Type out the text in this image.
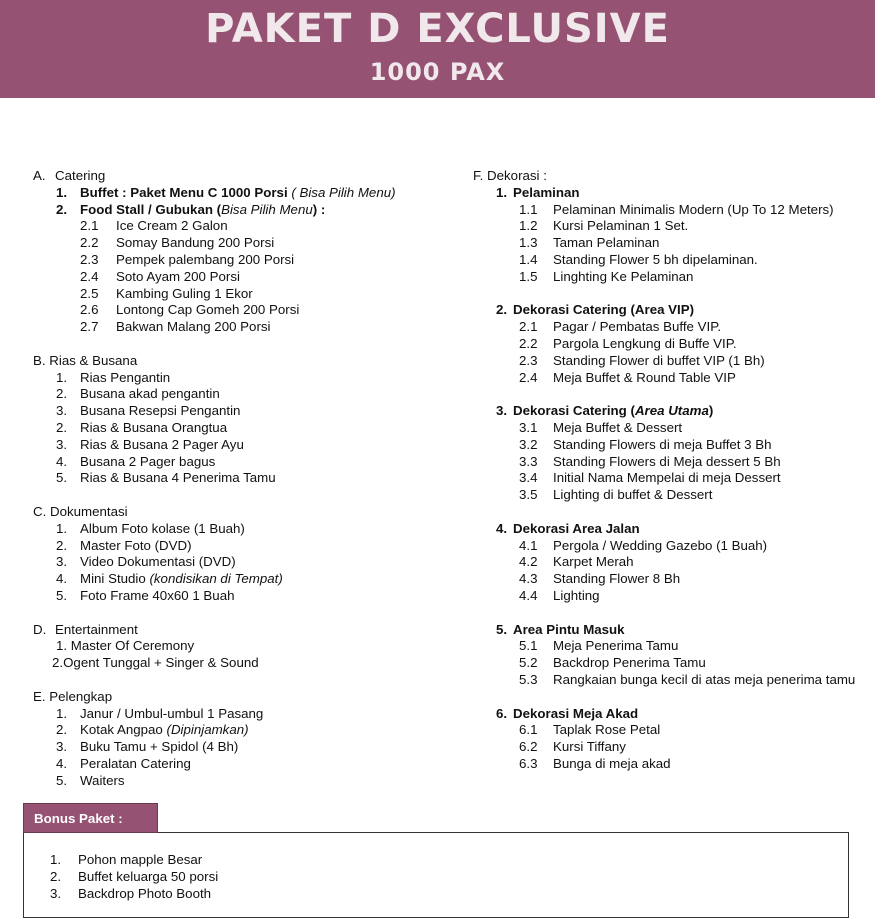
PAKET D EXCLUSIVE
1000 PAX
A. Catering
1. Buffet : Paket Menu C 1000 Porsi ( Bisa Pilih Menu)
2. Food Stall / Gubukan (Bisa Pilih Menu) :
2.1 Ice Cream 2 Galon
2.2 Somay Bandung 200 Porsi
2.3 Pempek palembang 200 Porsi
2.4 Soto Ayam 200 Porsi
2.5 Kambing Guling 1 Ekor
2.6 Lontong Cap Gomeh 200 Porsi
2.7 Bakwan Malang 200 Porsi
B. Rias & Busana
1. Rias Pengantin
2. Busana akad pengantin
3. Busana Resepsi Pengantin
2. Rias & Busana Orangtua
3. Rias & Busana 2 Pager Ayu
4. Busana 2 Pager bagus
5. Rias & Busana 4 Penerima Tamu
C. Dokumentasi
1. Album Foto kolase (1 Buah)
2. Master Foto (DVD)
3. Video Dokumentasi (DVD)
4. Mini Studio (kondisikan di Tempat)
5. Foto Frame 40x60 1 Buah
D. Entertainment
1. Master Of Ceremony
2.Ogent Tunggal + Singer & Sound
E. Pelengkap
1. Janur / Umbul-umbul 1 Pasang
2. Kotak Angpao (Dipinjamkan)
3. Buku Tamu + Spidol (4 Bh)
4. Peralatan Catering
5. Waiters
F. Dekorasi :
1. Pelaminan
1.1 Pelaminan Minimalis Modern (Up To 12 Meters)
1.2 Kursi Pelaminan 1 Set.
1.3 Taman Pelaminan
1.4 Standing Flower 5 bh dipelaminan.
1.5 Linghting Ke Pelaminan
2. Dekorasi Catering (Area VIP)
2.1 Pagar / Pembatas Buffe VIP.
2.2 Pargola Lengkung di Buffe VIP.
2.3 Standing Flower di buffet VIP (1 Bh)
2.4 Meja Buffet & Round Table VIP
3. Dekorasi Catering (Area Utama)
3.1 Meja Buffet & Dessert
3.2 Standing Flowers di meja Buffet 3 Bh
3.3 Standing Flowers di Meja dessert 5 Bh
3.4 Initial Nama Mempelai di meja Dessert
3.5 Lighting di buffet & Dessert
4. Dekorasi Area Jalan
4.1 Pergola / Wedding Gazebo (1 Buah)
4.2 Karpet Merah
4.3 Standing Flower 8 Bh
4.4 Lighting
5. Area Pintu Masuk
5.1 Meja Penerima Tamu
5.2 Backdrop Penerima Tamu
5.3 Rangkaian bunga kecil di atas meja penerima tamu
6. Dekorasi Meja Akad
6.1 Taplak Rose Petal
6.2 Kursi Tiffany
6.3 Bunga di meja akad
Bonus Paket :
1. Pohon mapple Besar
2. Buffet keluarga 50 porsi
3. Backdrop Photo Booth
